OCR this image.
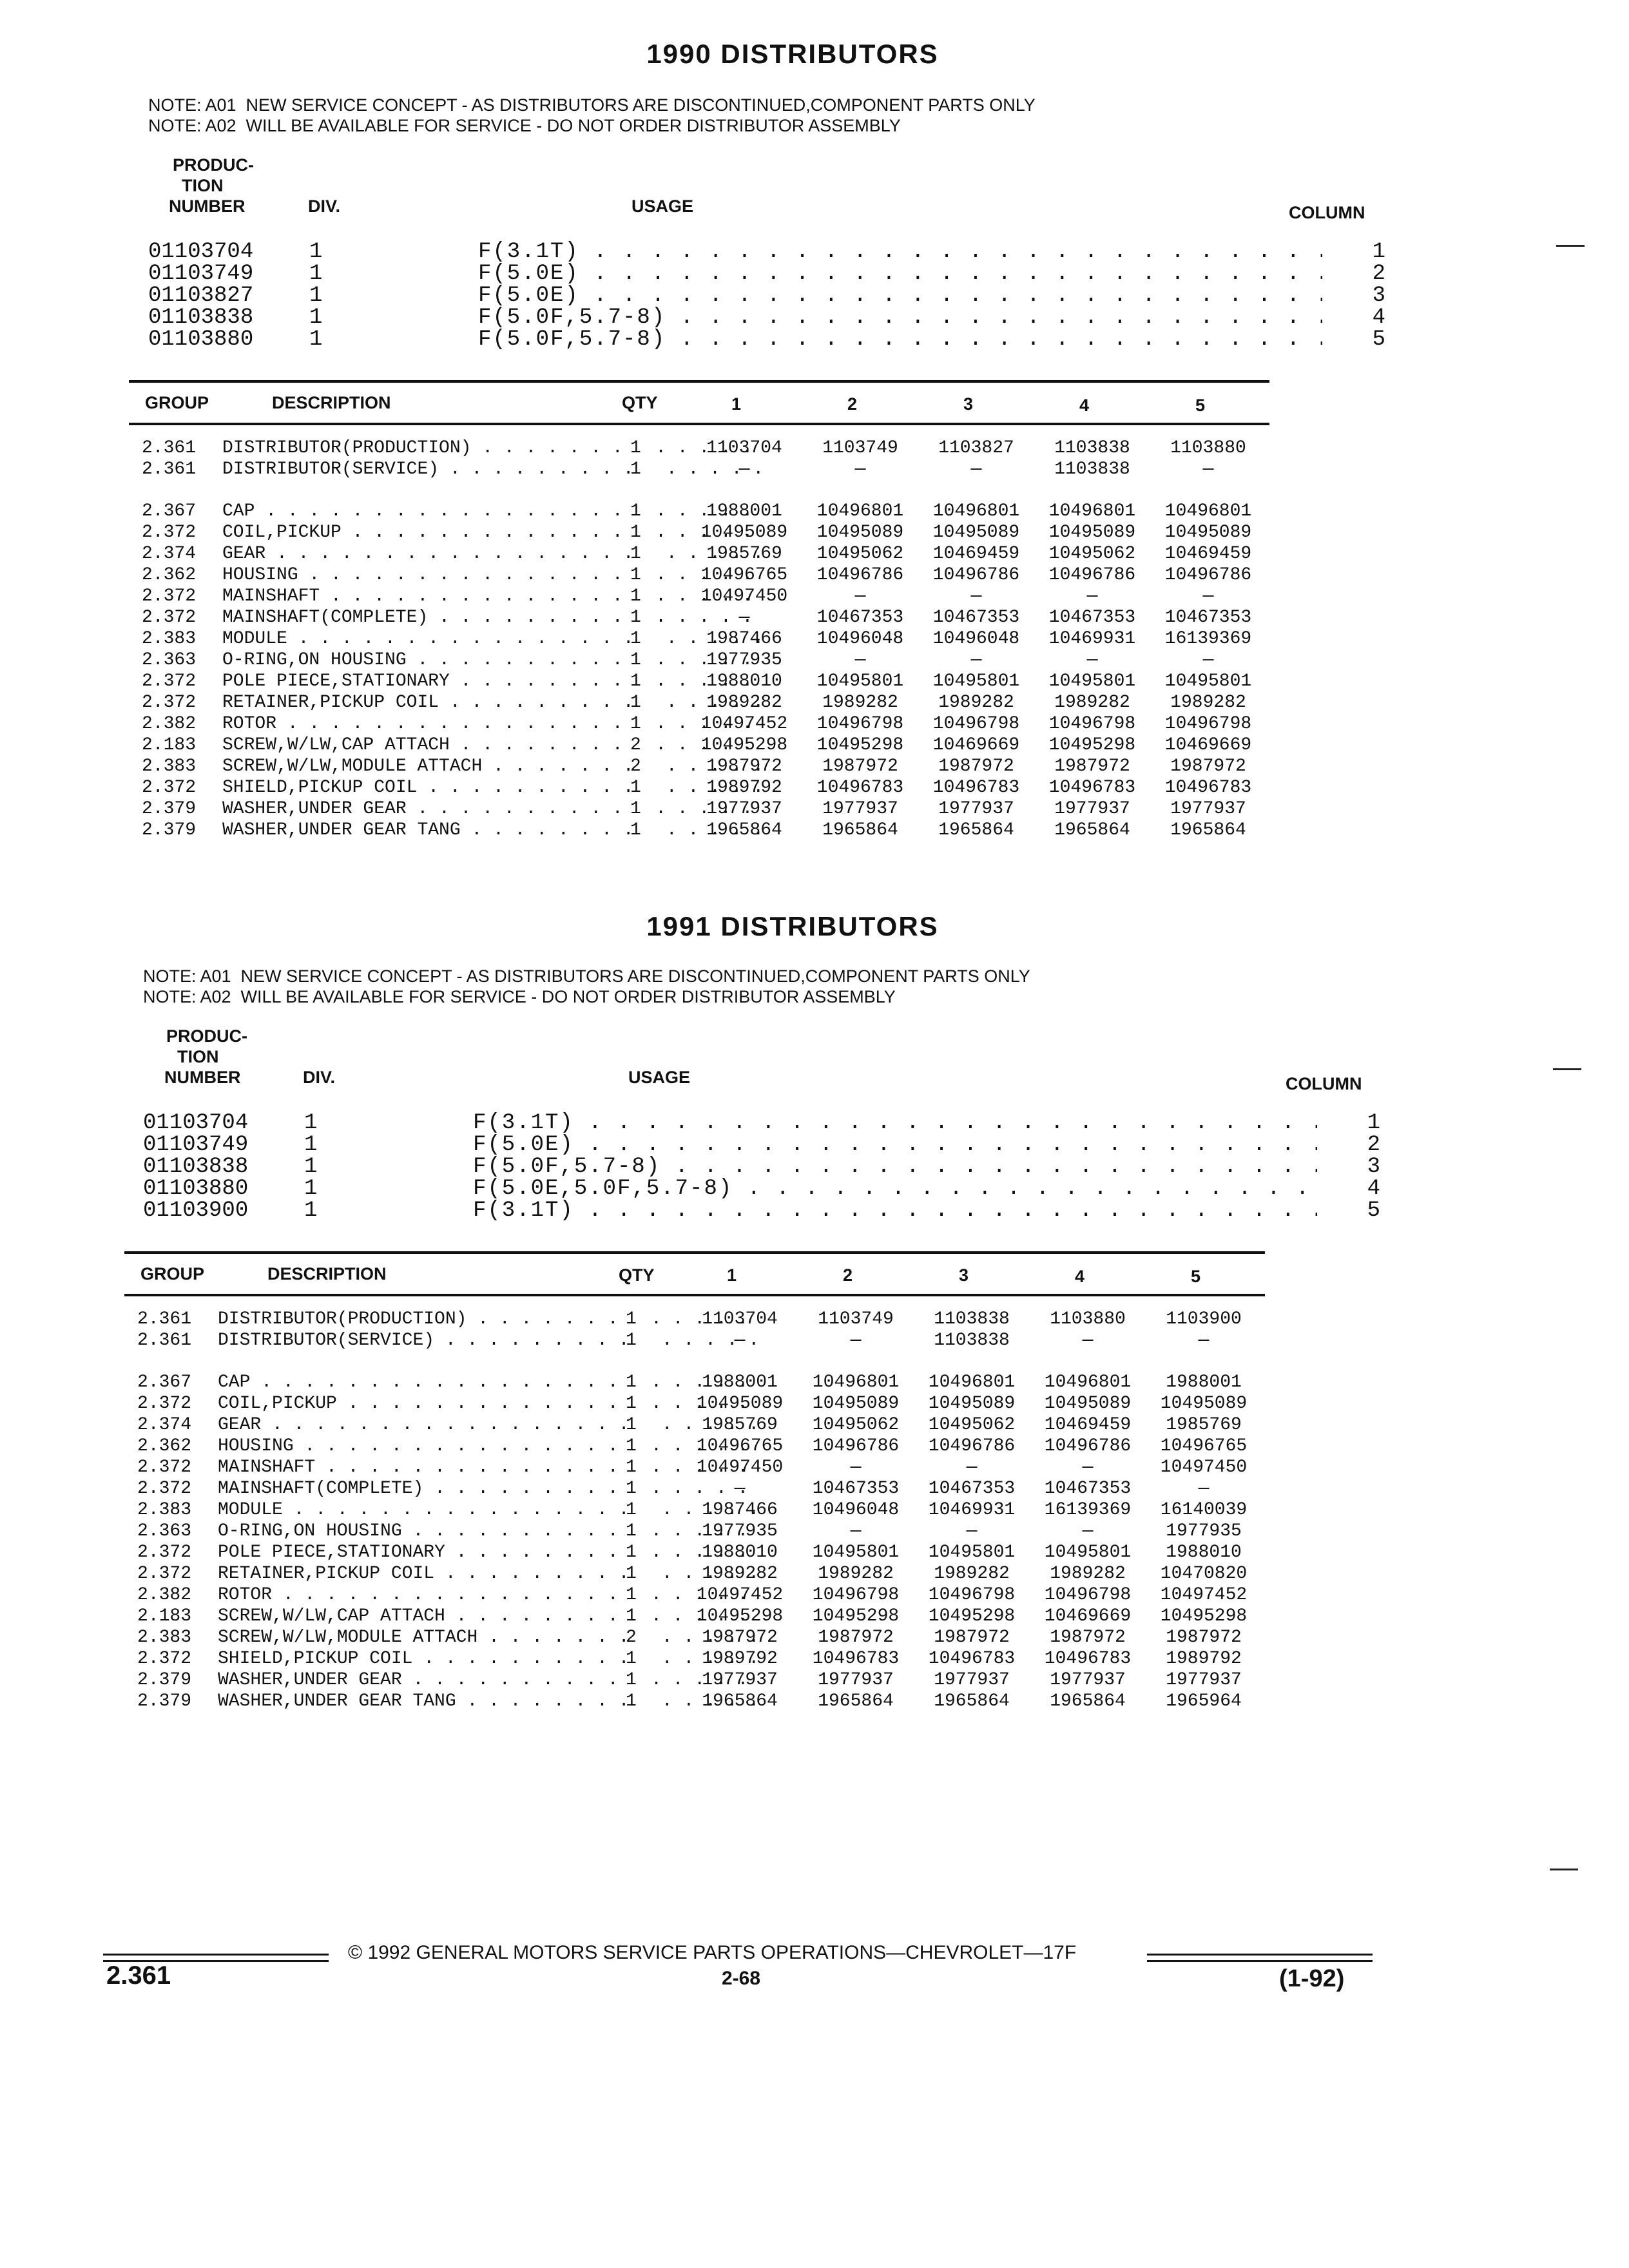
1990 DISTRIBUTORS
NOTE: A01  NEW SERVICE CONCEPT - AS DISTRIBUTORS ARE DISCONTINUED,COMPONENT PARTS ONLY
NOTE: A02  WILL BE AVAILABLE FOR SERVICE - DO NOT ORDER DISTRIBUTOR ASSEMBLY
PRODUC-
TION
NUMBER	DIV.	USAGE	COLUMN
01103704	1	F(3.1T) . . .	1
01103749	1	F(5.0E) . . .	2
01103827	1	F(5.0E) . . .	3
01103838	1	F(5.0F,5.7-8) . . .	4
01103880	1	F(5.0F,5.7-8) . . .	5
GROUP	DESCRIPTION	QTY	1	2	3	4	5
2.361	DISTRIBUTOR(PRODUCTION) . . .	1	1103704	1103749	1103827	1103838	1103880
2.361	DISTRIBUTOR(SERVICE) . . .	1	—	—	—	1103838	—
2.367	CAP . . .	1	1988001	10496801	10496801	10496801	10496801
2.372	COIL,PICKUP . . .	1	10495089	10495089	10495089	10495089	10495089
2.374	GEAR . . .	1	1985769	10495062	10469459	10495062	10469459
2.362	HOUSING . . .	1	10496765	10496786	10496786	10496786	10496786
2.372	MAINSHAFT . . .	1	10497450	—	—	—	—
2.372	MAINSHAFT(COMPLETE) . . .	1	—	10467353	10467353	10467353	10467353
2.383	MODULE . . .	1	1987466	10496048	10496048	10469931	16139369
2.363	O-RING,ON HOUSING . . .	1	1977935	—	—	—	—
2.372	POLE PIECE,STATIONARY . . .	1	1988010	10495801	10495801	10495801	10495801
2.372	RETAINER,PICKUP COIL . . .	1	1989282	1989282	1989282	1989282	1989282
2.382	ROTOR . . .	1	10497452	10496798	10496798	10496798	10496798
2.183	SCREW,W/LW,CAP ATTACH . . .	2	10495298	10495298	10469669	10495298	10469669
2.383	SCREW,W/LW,MODULE ATTACH . . .	2	1987972	1987972	1987972	1987972	1987972
2.372	SHIELD,PICKUP COIL . . .	1	1989792	10496783	10496783	10496783	10496783
2.379	WASHER,UNDER GEAR . . .	1	1977937	1977937	1977937	1977937	1977937
2.379	WASHER,UNDER GEAR TANG . . .	1	1965864	1965864	1965864	1965864	1965864
1991 DISTRIBUTORS
NOTE: A01  NEW SERVICE CONCEPT - AS DISTRIBUTORS ARE DISCONTINUED,COMPONENT PARTS ONLY
NOTE: A02  WILL BE AVAILABLE FOR SERVICE - DO NOT ORDER DISTRIBUTOR ASSEMBLY
PRODUC-
TION
NUMBER	DIV.	USAGE	COLUMN
01103704	1	F(3.1T) . . .	1
01103749	1	F(5.0E) . . .	2
01103838	1	F(5.0F,5.7-8) . . .	3
01103880	1	F(5.0E,5.0F,5.7-8) . . .	4
01103900	1	F(3.1T) . . .	5
GROUP	DESCRIPTION	QTY	1	2	3	4	5
2.361	DISTRIBUTOR(PRODUCTION) . . .	1	1103704	1103749	1103838	1103880	1103900
2.361	DISTRIBUTOR(SERVICE) . . .	1	—	—	1103838	—	—
2.367	CAP . . .	1	1988001	10496801	10496801	10496801	1988001
2.372	COIL,PICKUP . . .	1	10495089	10495089	10495089	10495089	10495089
2.374	GEAR . . .	1	1985769	10495062	10495062	10469459	1985769
2.362	HOUSING . . .	1	10496765	10496786	10496786	10496786	10496765
2.372	MAINSHAFT . . .	1	10497450	—	—	—	10497450
2.372	MAINSHAFT(COMPLETE) . . .	1	—	10467353	10467353	10467353	—
2.383	MODULE . . .	1	1987466	10496048	10469931	16139369	16140039
2.363	O-RING,ON HOUSING . . .	1	1977935	—	—	—	1977935
2.372	POLE PIECE,STATIONARY . . .	1	1988010	10495801	10495801	10495801	1988010
2.372	RETAINER,PICKUP COIL . . .	1	1989282	1989282	1989282	1989282	10470820
2.382	ROTOR . . .	1	10497452	10496798	10496798	10496798	10497452
2.183	SCREW,W/LW,CAP ATTACH . . .	1	10495298	10495298	10495298	10469669	10495298
2.383	SCREW,W/LW,MODULE ATTACH . . .	2	1987972	1987972	1987972	1987972	1987972
2.372	SHIELD,PICKUP COIL . . .	1	1989792	10496783	10496783	10496783	1989792
2.379	WASHER,UNDER GEAR . . .	1	1977937	1977937	1977937	1977937	1977937
2.379	WASHER,UNDER GEAR TANG . . .	1	1965864	1965864	1965864	1965864	1965964
© 1992 GENERAL MOTORS SERVICE PARTS OPERATIONS—CHEVROLET—17F
2.361	2-68	(1-92)
